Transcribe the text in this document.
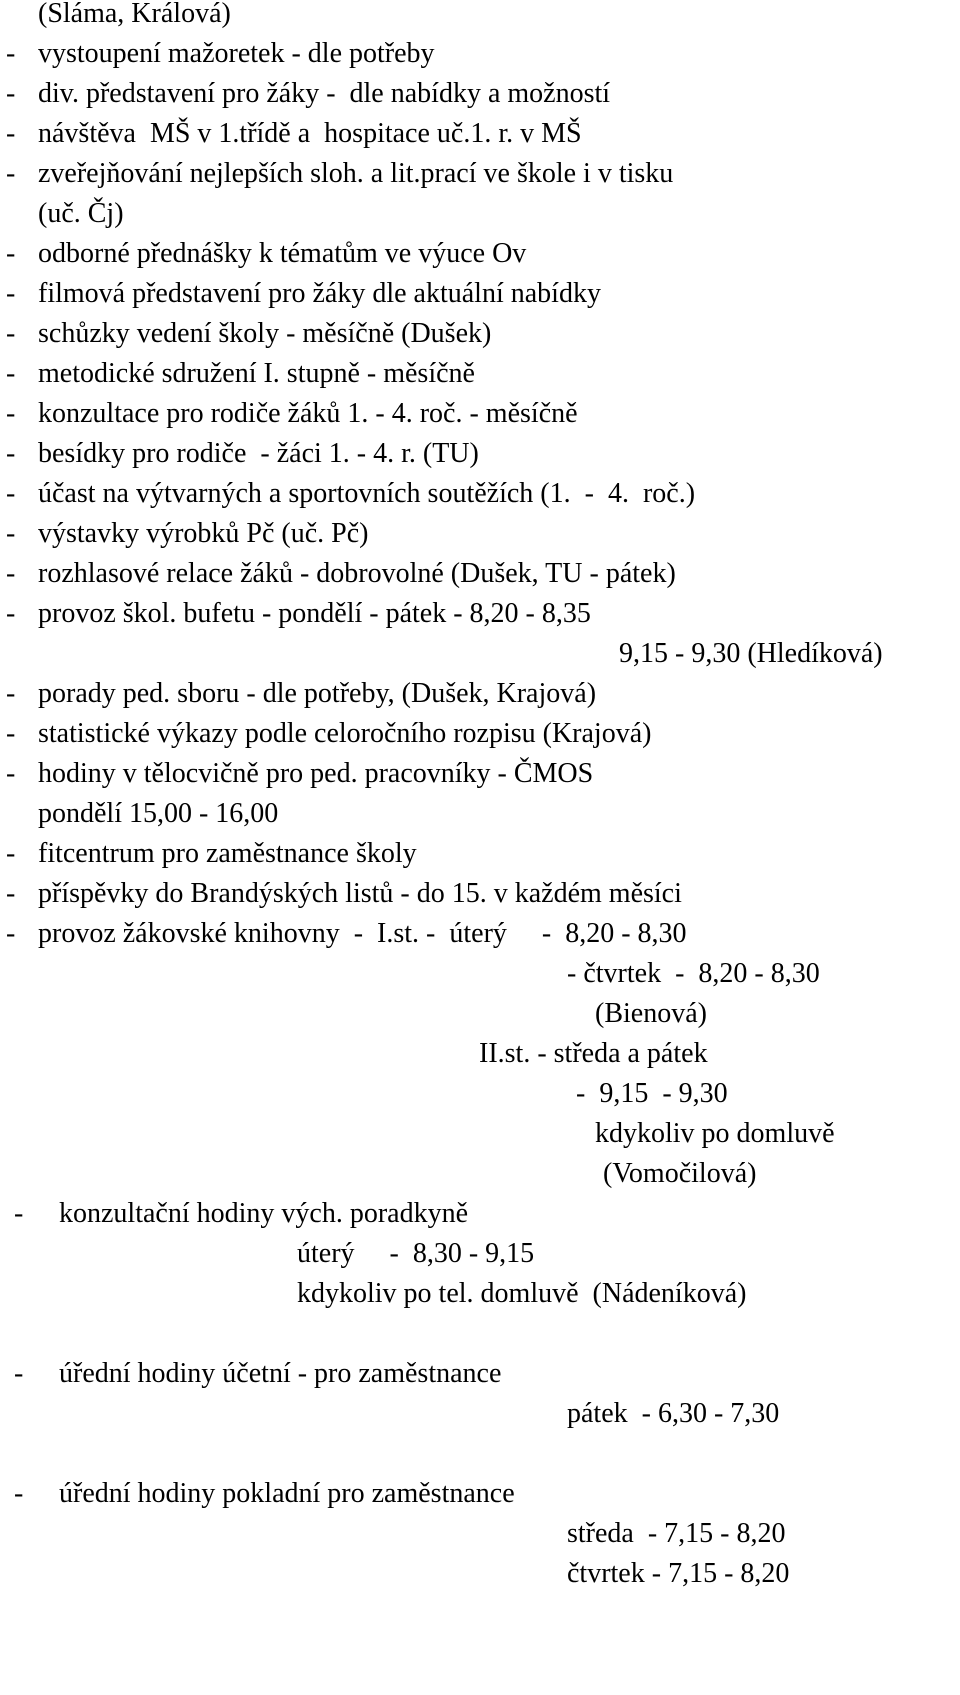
(Sláma, Králová)
- vystoupení mažoretek - dle potřeby
- div. představení pro žáky -  dle nabídky a možností
- návštěva  MŠ v 1.třídě a  hospitace uč.1. r. v MŠ
- zveřejňování nejlepších sloh. a lit.prací ve škole i v tisku
(uč. Čj)
- odborné přednášky k tématům ve výuce Ov
- filmová představení pro žáky dle aktuální nabídky
- schůzky vedení školy - měsíčně (Dušek)
- metodické sdružení I. stupně - měsíčně
- konzultace pro rodiče žáků 1. - 4. roč. - měsíčně
- besídky pro rodiče  - žáci 1. - 4. r. (TU)
- účast na výtvarných a sportovních soutěžích (1.  -  4.  roč.)
- výstavky výrobků Pč (uč. Pč)
- rozhlasové relace žáků - dobrovolné (Dušek, TU - pátek)
- provoz škol. bufetu - pondělí - pátek - 8,20 - 8,35
9,15 - 9,30 (Hledíková)
- porady ped. sboru - dle potřeby, (Dušek, Krajová)
- statistické výkazy podle celoročního rozpisu (Krajová)
- hodiny v tělocvičně pro ped. pracovníky - ČMOS
pondělí 15,00 - 16,00
- fitcentrum pro zaměstnance školy
- příspěvky do Brandýských listů - do 15. v každém měsíci
- provoz žákovské knihovny  -  I.st. -  úterý     -  8,20 - 8,30
- čtvrtek  -  8,20 - 8,30
(Bienová)
II.st. - středa a pátek
-  9,15  - 9,30
kdykoliv po domluvě
(Vomočilová)
- konzultační hodiny vých. poradkyně
úterý     -  8,30 - 9,15
kdykoliv po tel. domluvě  (Nádeníková)
- úřední hodiny účetní - pro zaměstnance
pátek  - 6,30 - 7,30
- úřední hodiny pokladní pro zaměstnance
středa  - 7,15 - 8,20
čtvrtek - 7,15 - 8,20
